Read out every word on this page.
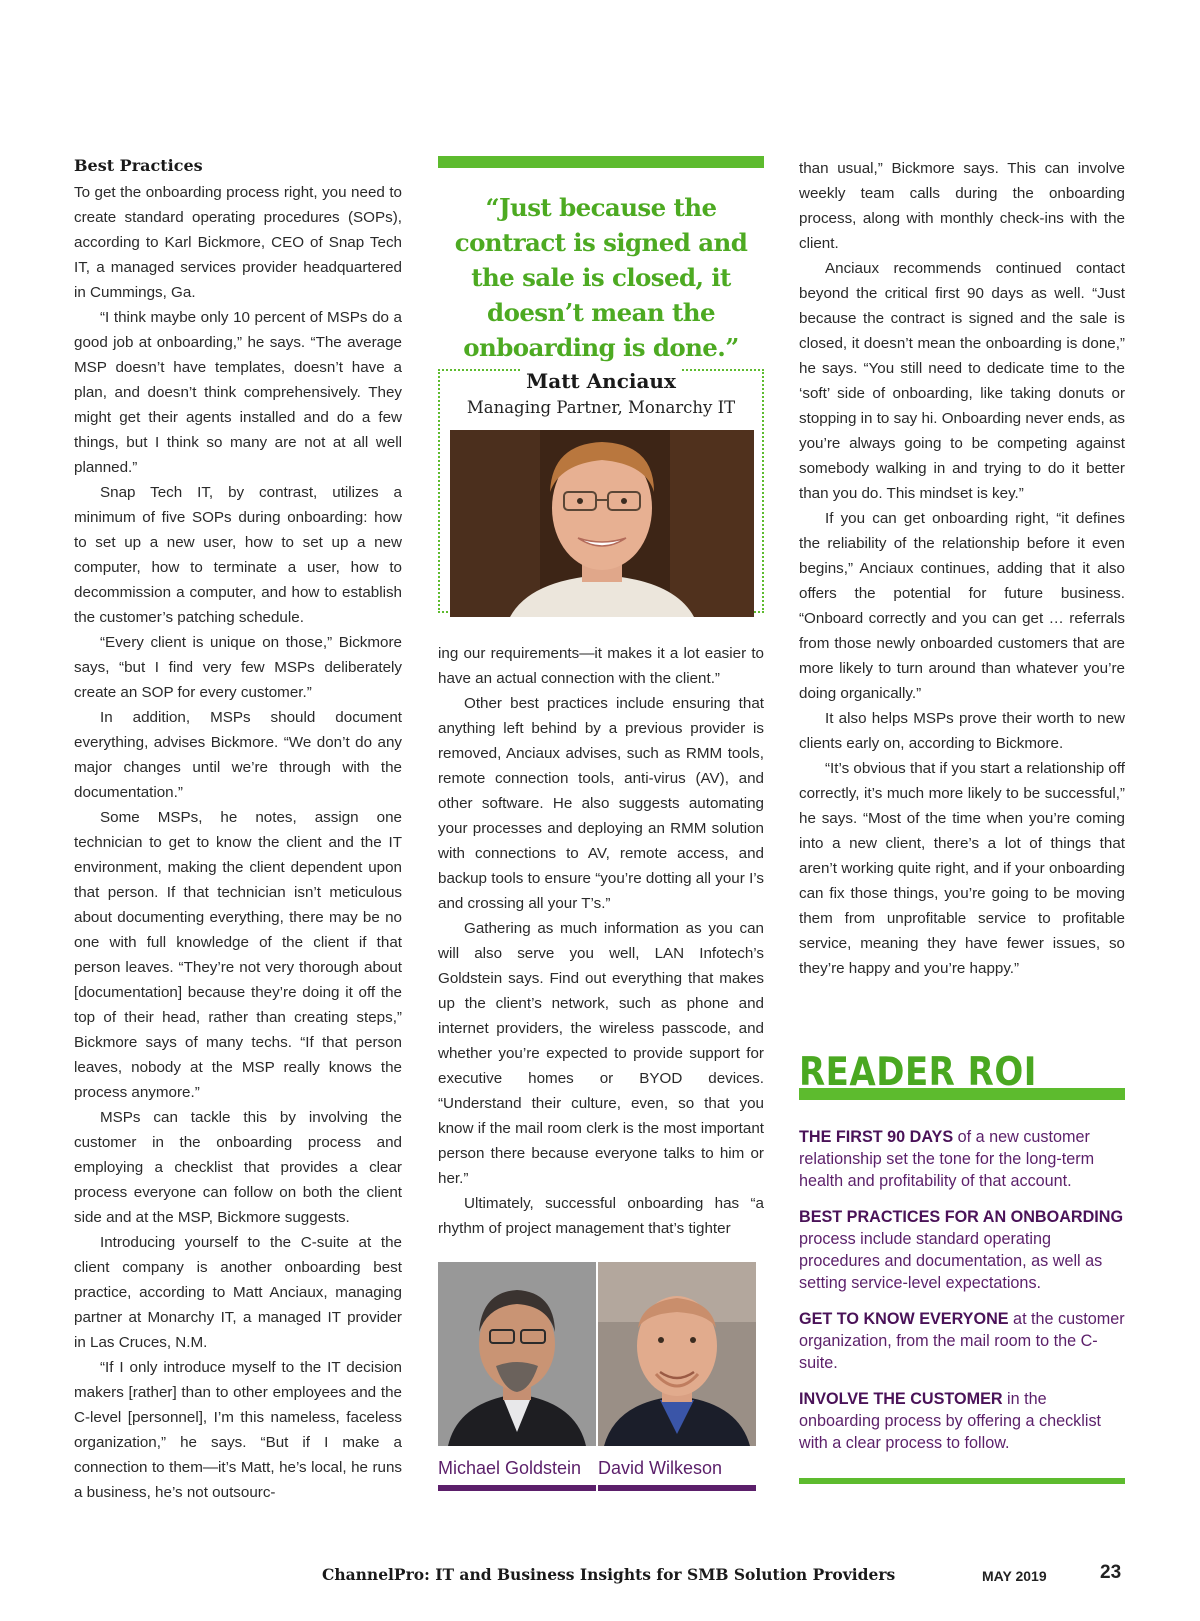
Best Practices

To get the onboarding process right, you need to create standard operating procedures (SOPs), according to Karl Bickmore, CEO of Snap Tech IT, a managed services provider headquartered in Cummings, Ga.

“I think maybe only 10 percent of MSPs do a good job at onboarding,” he says. “The average MSP doesn’t have templates, doesn’t have a plan, and doesn’t think comprehensively. They might get their agents installed and do a few things, but I think so many are not at all well planned.”

Snap Tech IT, by contrast, utilizes a minimum of five SOPs during onboarding: how to set up a new user, how to set up a new computer, how to terminate a user, how to decommission a computer, and how to establish the customer’s patching schedule.

“Every client is unique on those,” Bickmore says, “but I find very few MSPs deliberately create an SOP for every customer.”

In addition, MSPs should document everything, advises Bickmore. “We don’t do any major changes until we’re through with the documentation.”

Some MSPs, he notes, assign one technician to get to know the client and the IT environment, making the client dependent upon that person. If that technician isn’t meticulous about documenting everything, there may be no one with full knowledge of the client if that person leaves. “They’re not very thorough about [documentation] because they’re doing it off the top of their head, rather than creating steps,” Bickmore says of many techs. “If that person leaves, nobody at the MSP really knows the process anymore.”

MSPs can tackle this by involving the customer in the onboarding process and employing a checklist that provides a clear process everyone can follow on both the client side and at the MSP, Bickmore suggests.

Introducing yourself to the C-suite at the client company is another onboarding best practice, according to Matt Anciaux, managing partner at Monarchy IT, a managed IT provider in Las Cruces, N.M.

“If I only introduce myself to the IT decision makers [rather] than to other employees and the C-level [personnel], I’m this nameless, faceless organization,” he says. “But if I make a connection to them—it’s Matt, he’s local, he runs a business, he’s not outsourc-

“Just because the contract is signed and the sale is closed, it doesn’t mean the onboarding is done.”
Matt Anciaux
Managing Partner, Monarchy IT

ing our requirements—it makes it a lot easier to have an actual connection with the client.”

Other best practices include ensuring that anything left behind by a previous provider is removed, Anciaux advises, such as RMM tools, remote connection tools, anti-virus (AV), and other software. He also suggests automating your processes and deploying an RMM solution with connections to AV, remote access, and backup tools to ensure “you’re dotting all your I’s and crossing all your T’s.”

Gathering as much information as you can will also serve you well, LAN Infotech’s Goldstein says. Find out everything that makes up the client’s network, such as phone and internet providers, the wireless passcode, and whether you’re expected to provide support for executive homes or BYOD devices. “Understand their culture, even, so that you know if the mail room clerk is the most important person there because everyone talks to him or her.”

Ultimately, successful onboarding has “a rhythm of project management that’s tighter

Michael Goldstein David Wilkeson

than usual,” Bickmore says. This can involve weekly team calls during the onboarding process, along with monthly check-ins with the client.

Anciaux recommends continued contact beyond the critical first 90 days as well. “Just because the contract is signed and the sale is closed, it doesn’t mean the onboarding is done,” he says. “You still need to dedicate time to the ‘soft’ side of onboarding, like taking donuts or stopping in to say hi. Onboarding never ends, as you’re always going to be competing against somebody walking in and trying to do it better than you do. This mindset is key.”

If you can get onboarding right, “it defines the reliability of the relationship before it even begins,” Anciaux continues, adding that it also offers the potential for future business. “Onboard correctly and you can get … referrals from those newly onboarded customers that are more likely to turn around than whatever you’re doing organically.”

It also helps MSPs prove their worth to new clients early on, according to Bickmore.

“It’s obvious that if you start a relationship off correctly, it’s much more likely to be successful,” he says. “Most of the time when you’re coming into a new client, there’s a lot of things that aren’t working quite right, and if your onboarding can fix those things, you’re going to be moving them from unprofitable service to profitable service, meaning they have fewer issues, so they’re happy and you’re happy.”

READER ROI
THE FIRST 90 DAYS of a new customer relationship set the tone for the long-term health and profitability of that account.
BEST PRACTICES FOR AN ONBOARDING process include standard operating procedures and documentation, as well as setting service-level expectations.
GET TO KNOW EVERYONE at the customer organization, from the mail room to the C-suite.
INVOLVE THE CUSTOMER in the onboarding process by offering a checklist with a clear process to follow.
ChannelPro: IT and Business Insights for SMB Solution Providers	MAY 2019	23
